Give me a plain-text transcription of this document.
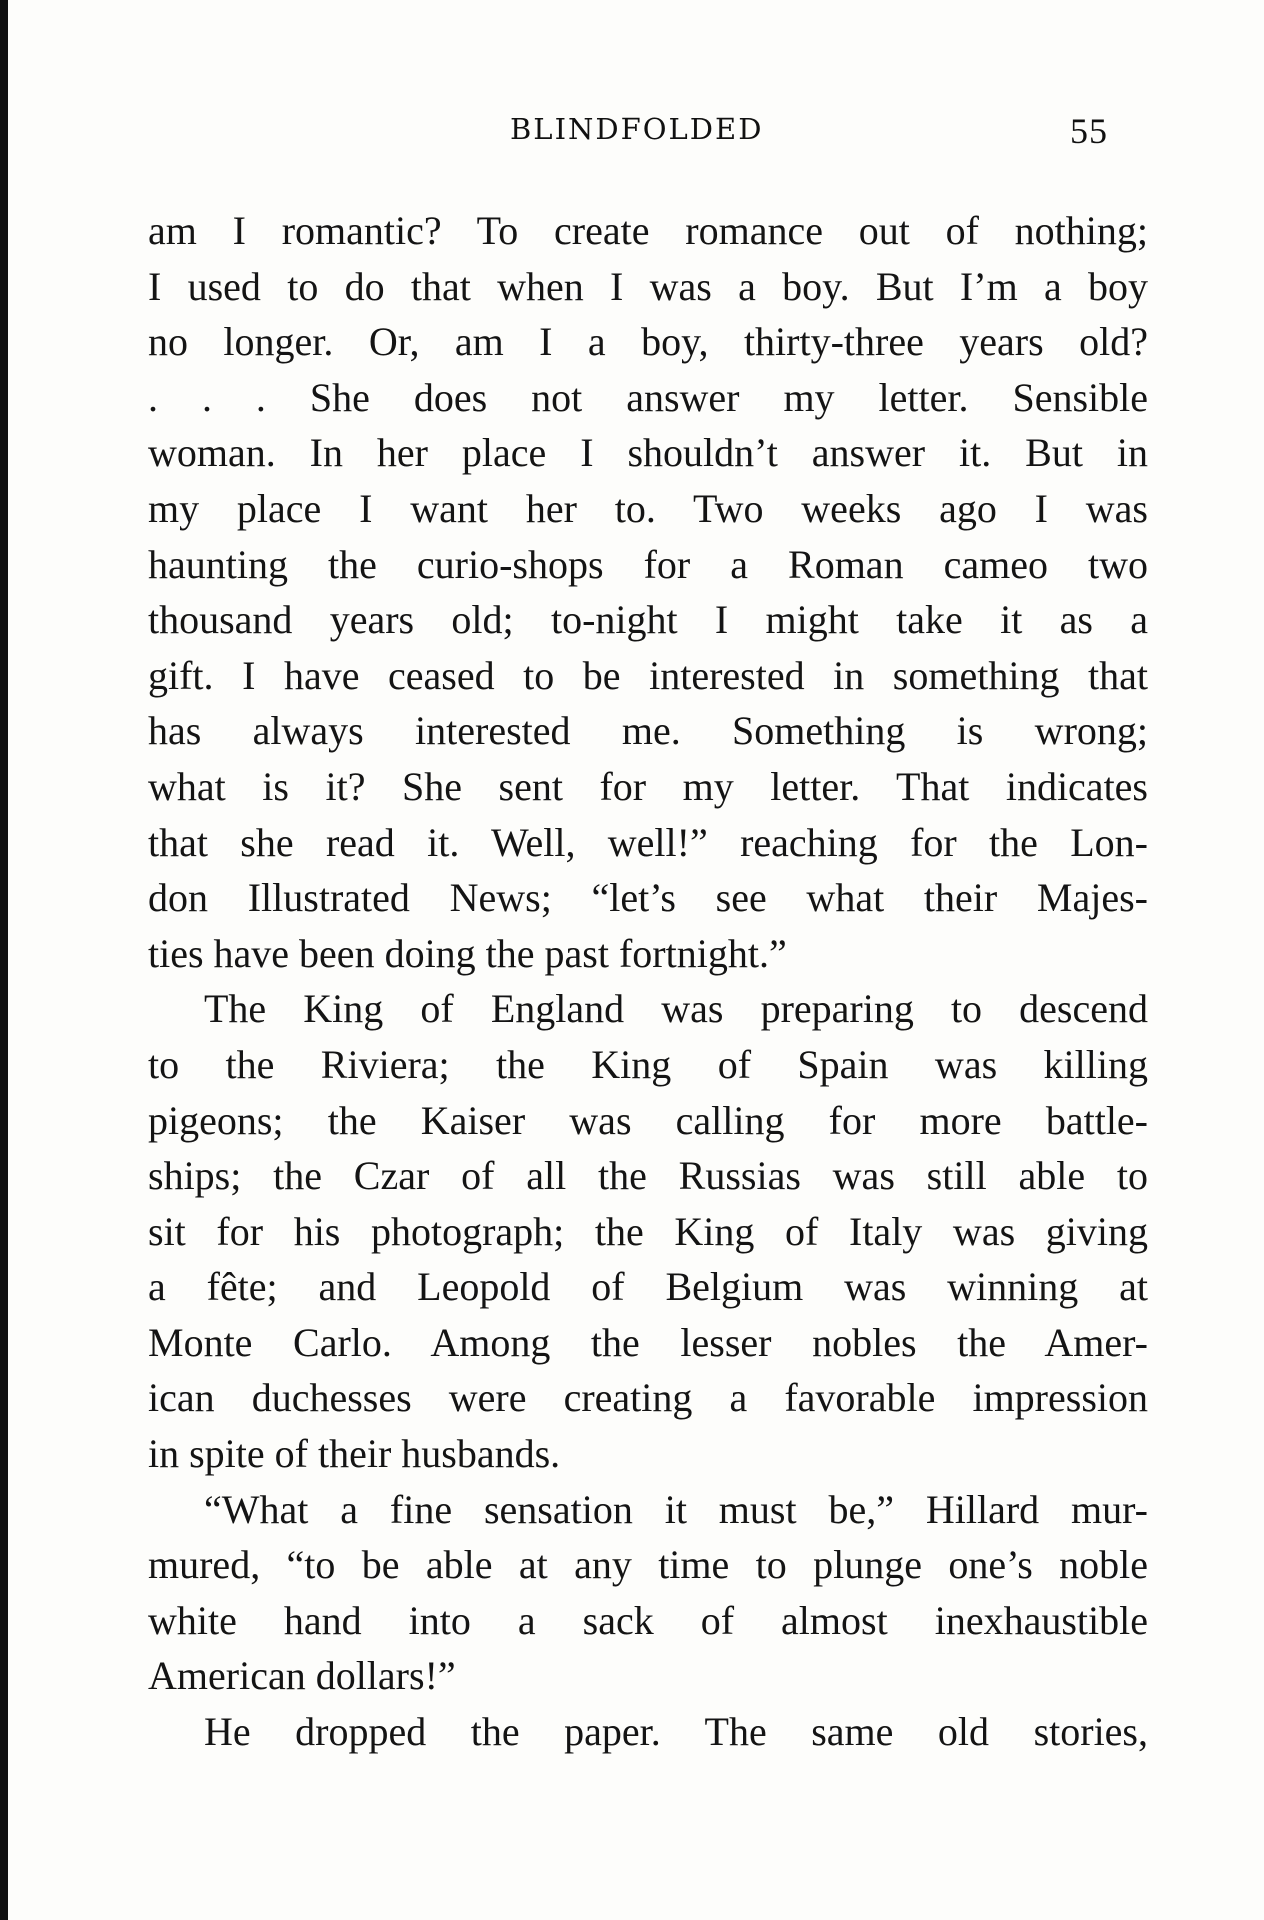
BLINDFOLDED	55
am I romantic? To create romance out of nothing;
I used to do that when I was a boy. But I’m a boy
no longer. Or, am I a boy, thirty-three years old?
. . . She does not answer my letter. Sensible
woman. In her place I shouldn’t answer it. But in
my place I want her to. Two weeks ago I was
haunting the curio-shops for a Roman cameo two
thousand years old; to-night I might take it as a
gift. I have ceased to be interested in something that
has always interested me. Something is wrong;
what is it? She sent for my letter. That indicates
that she read it. Well, well!” reaching for the Lon-
don Illustrated News; “let’s see what their Majes-
ties have been doing the past fortnight.”
The King of England was preparing to descend
to the Riviera; the King of Spain was killing
pigeons; the Kaiser was calling for more battle-
ships; the Czar of all the Russias was still able to
sit for his photograph; the King of Italy was giving
a fête; and Leopold of Belgium was winning at
Monte Carlo. Among the lesser nobles the Amer-
ican duchesses were creating a favorable impression
in spite of their husbands.
“What a fine sensation it must be,” Hillard mur-
mured, “to be able at any time to plunge one’s noble
white hand into a sack of almost inexhaustible
American dollars!”
He dropped the paper. The same old stories,
